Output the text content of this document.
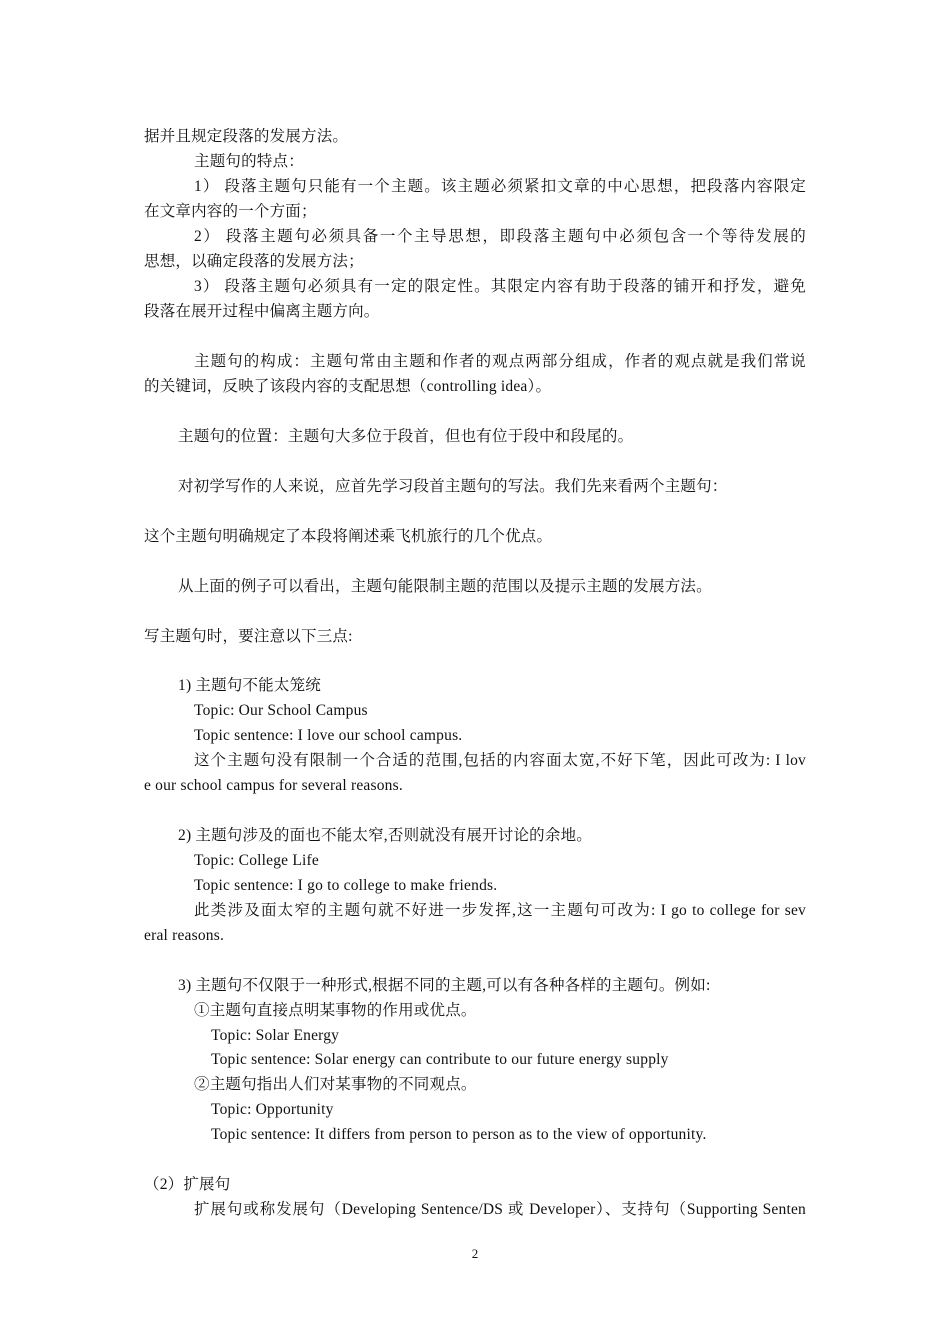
据并且规定段落的发展方法。
主题句的特点：
1） 段落主题句只能有一个主题。该主题必须紧扣文章的中心思想，把段落内容限定
在文章内容的一个方面；
2） 段落主题句必须具备一个主导思想，即段落主题句中必须包含一个等待发展的
思想，以确定段落的发展方法；
3） 段落主题句必须具有一定的限定性。其限定内容有助于段落的铺开和抒发，避免
段落在展开过程中偏离主题方向。
主题句的构成：主题句常由主题和作者的观点两部分组成，作者的观点就是我们常说
的关键词，反映了该段内容的支配思想（controlling idea）。
主题句的位置：主题句大多位于段首，但也有位于段中和段尾的。
对初学写作的人来说，应首先学习段首主题句的写法。我们先来看两个主题句：
这个主题句明确规定了本段将阐述乘飞机旅行的几个优点。
从上面的例子可以看出，主题句能限制主题的范围以及提示主题的发展方法。
写主题句时，要注意以下三点:
1) 主题句不能太笼统
Topic: Our School Campus
Topic sentence: I love our school campus.
这个主题句没有限制一个合适的范围,包括的内容面太宽,不好下笔，因此可改为: I lov
e our school campus for several reasons.
2) 主题句涉及的面也不能太窄,否则就没有展开讨论的余地。
Topic: College Life
Topic sentence: I go to college to make friends.
此类涉及面太窄的主题句就不好进一步发挥,这一主题句可改为: I go to college for sev
eral reasons.
3) 主题句不仅限于一种形式,根据不同的主题,可以有各种各样的主题句。例如:
①主题句直接点明某事物的作用或优点。
Topic: Solar Energy
Topic sentence: Solar energy can contribute to our future energy supply
②主题句指出人们对某事物的不同观点。
Topic: Opportunity
Topic sentence: It differs from person to person as to the view of opportunity.
（2）扩展句
扩展句或称发展句（Developing Sentence/DS 或 Developer）、支持句（Supporting Senten
2
